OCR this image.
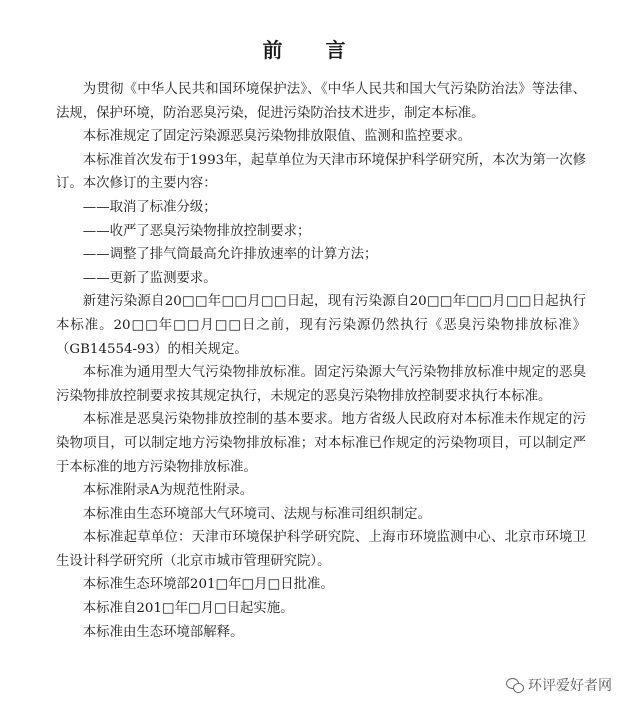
前 言

为贯彻《中华人民共和国环境保护法》、《中华人民共和国大气污染防治法》等法律、法规，保护环境，防治恶臭污染，促进污染防治技术进步，制定本标准。

本标准规定了固定污染源恶臭污染物排放限值、监测和监控要求。

本标准首次发布于1993年，起草单位为天津市环境保护科学研究所，本次为第一次修订。本次修订的主要内容：

——取消了标准分级；

——收严了恶臭污染物排放控制要求；

——调整了排气筒最高允许排放速率的计算方法；

——更新了监测要求。

新建污染源自20□□年□□月□□日起，现有污染源自20□□年□□月□□日起执行本标准。20□□年□□月□□日之前，现有污染源仍然执行《恶臭污染物排放标准》（GB14554-93）的相关规定。

本标准为通用型大气污染物排放标准。固定污染源大气污染物排放标准中规定的恶臭污染物排放控制要求按其规定执行，未规定的恶臭污染物排放控制要求执行本标准。

本标准是恶臭污染物排放控制的基本要求。地方省级人民政府对本标准未作规定的污染物项目，可以制定地方污染物排放标准；对本标准已作规定的污染物项目，可以制定严于本标准的地方污染物排放标准。

本标准附录A为规范性附录。

本标准由生态环境部大气环境司、法规与标准司组织制定。

本标准起草单位：天津市环境保护科学研究院、上海市环境监测中心、北京市环境卫生设计科学研究所（北京市城市管理研究院）。

本标准生态环境部201□年□月□日批准。

本标准自201□年□月□日起实施。

本标准由生态环境部解释。

环评爱好者网
